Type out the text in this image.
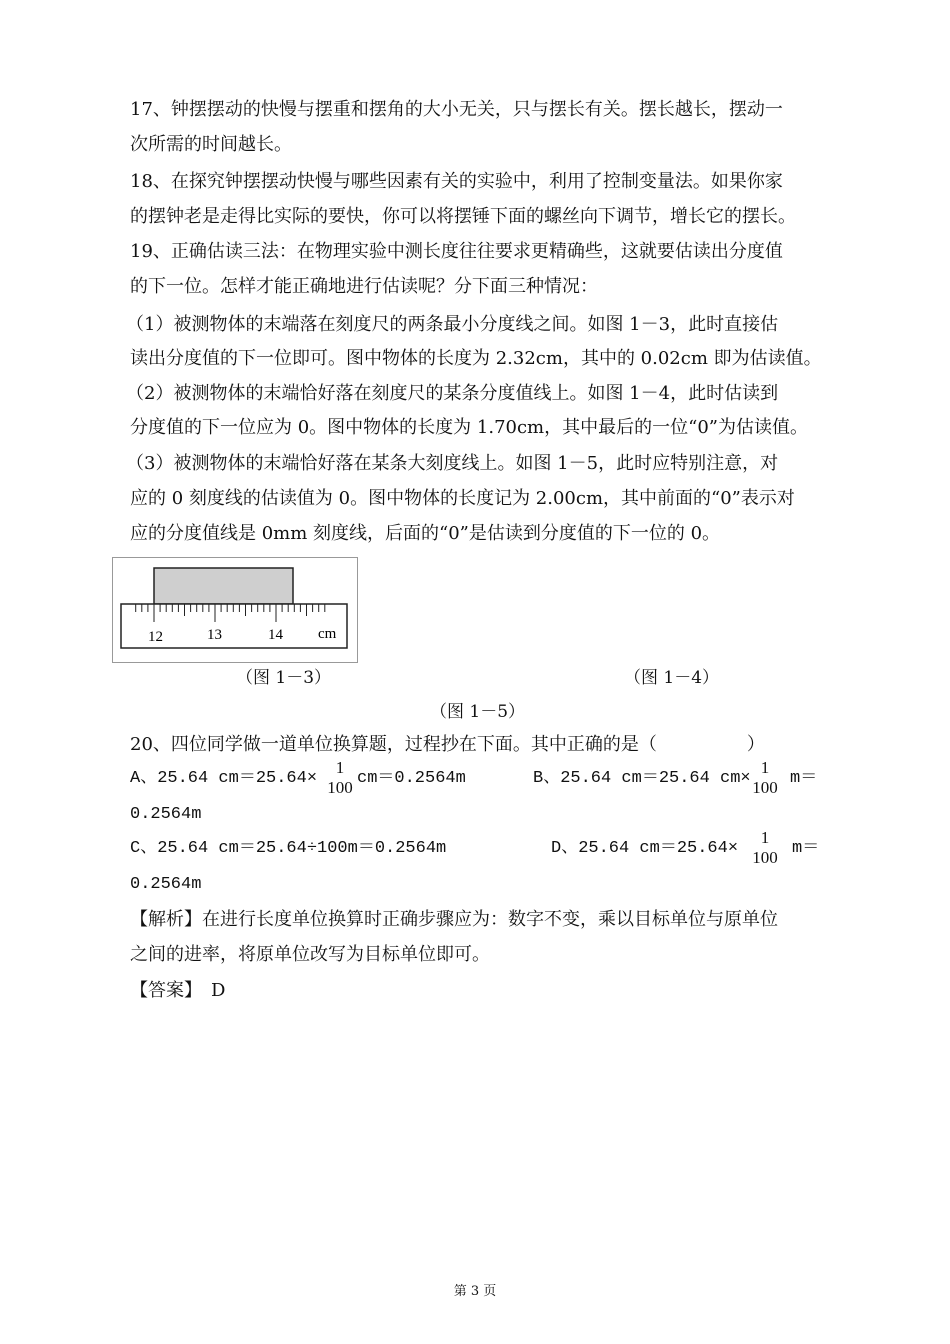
17、钟摆摆动的快慢与摆重和摆角的大小无关，只与摆长有关。摆长越长，摆动一
次所需的时间越长。
18、在探究钟摆摆动快慢与哪些因素有关的实验中，利用了控制变量法。如果你家
的摆钟老是走得比实际的要快，你可以将摆锤下面的螺丝向下调节，增长它的摆长。
19、正确估读三法：在物理实验中测长度往往要求更精确些，这就要估读出分度值
的下一位。怎样才能正确地进行估读呢？分下面三种情况：
（1）被测物体的末端落在刻度尺的两条最小分度线之间。如图 1－3，此时直接估
读出分度值的下一位即可。图中物体的长度为 2.32cm，其中的 0.02cm 即为估读值。
（2）被测物体的末端恰好落在刻度尺的某条分度值线上。如图 1－4，此时估读到
分度值的下一位应为 0。图中物体的长度为 1.70cm，其中最后的一位“0”为估读值。
（3）被测物体的末端恰好落在某条大刻度线上。如图 1－5，此时应特别注意，对
应的 0 刻度线的估读值为 0。图中物体的长度记为 2.00cm，其中前面的“0”表示对
应的分度值线是 0mm 刻度线，后面的“0”是估读到分度值的下一位的 0。
12	13	14 cm
（图 1－3）	（图 1－4）
（图 1－5）
20、四位同学做一道单位换算题，过程抄在下面。其中正确的是（　　　　　）
A、25.64 cm＝25.64×
1
100 cm＝0.2564m	B、25.64 cm＝25.64 cm×
1
100 m＝
0.2564m
C、25.64 cm＝25.64÷100m＝0.2564m	D、25.64 cm＝25.64×
1
100 m＝
0.2564m
【解析】在进行长度单位换算时正确步骤应为：数字不变，乘以目标单位与原单位
之间的进率，将原单位改写为目标单位即可。
【答案】　D
第 3 页
